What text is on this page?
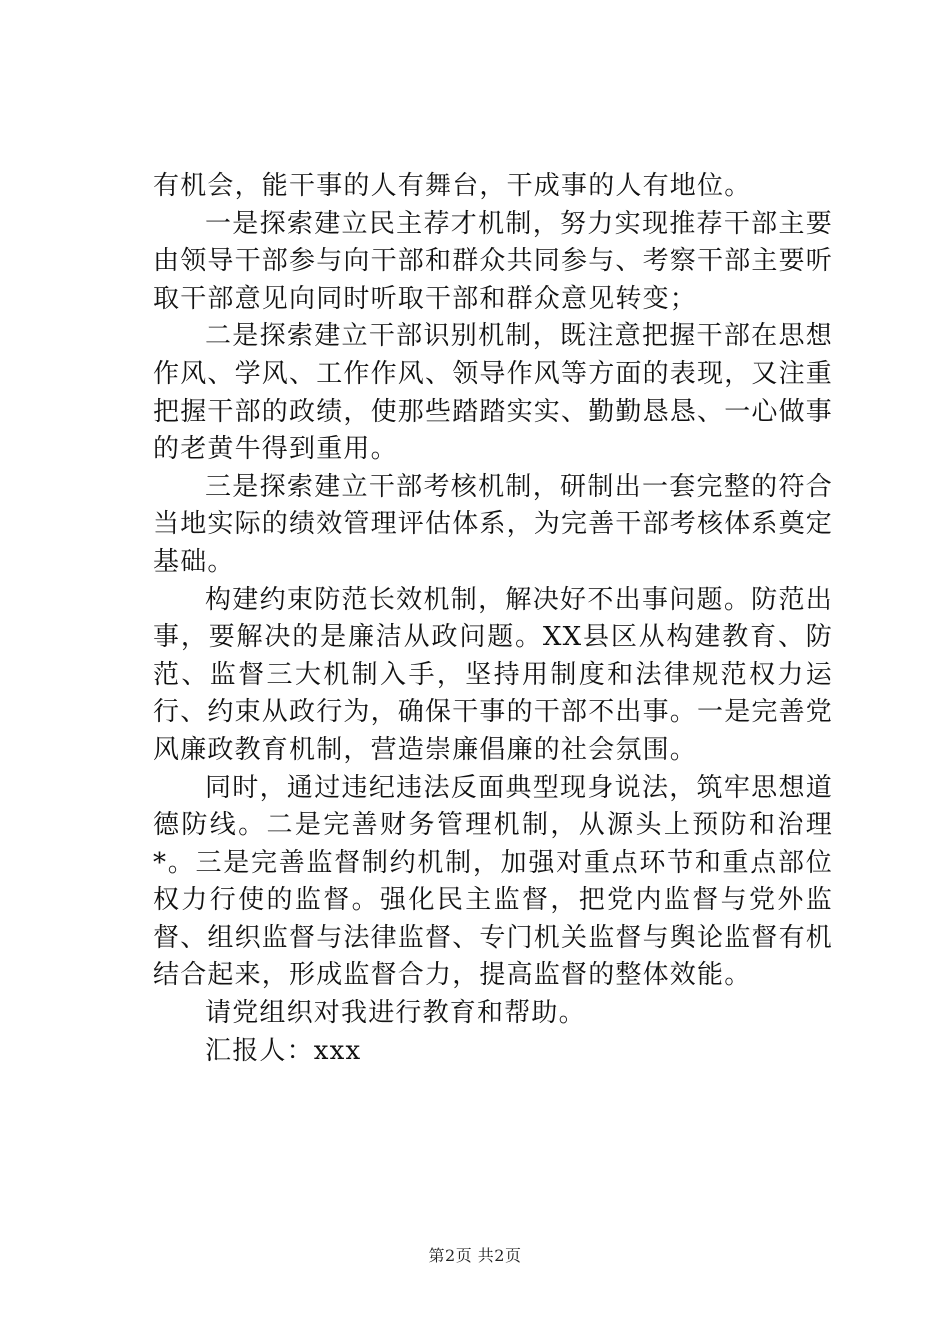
有机会，能干事的人有舞台，干成事的人有地位。

一是探索建立民主荐才机制，努力实现推荐干部主要由领导干部参与向干部和群众共同参与、考察干部主要听取干部意见向同时听取干部和群众意见转变；

二是探索建立干部识别机制，既注意把握干部在思想作风、学风、工作作风、领导作风等方面的表现，又注重把握干部的政绩，使那些踏踏实实、勤勤恳恳、一心做事的老黄牛得到重用。

三是探索建立干部考核机制，研制出一套完整的符合当地实际的绩效管理评估体系，为完善干部考核体系奠定基础。

构建约束防范长效机制，解决好不出事问题。防范出事，要解决的是廉洁从政问题。XX县区从构建教育、防范、监督三大机制入手，坚持用制度和法律规范权力运行、约束从政行为，确保干事的干部不出事。一是完善党风廉政教育机制，营造崇廉倡廉的社会氛围。

同时，通过违纪违法反面典型现身说法，筑牢思想道德防线。二是完善财务管理机制，从源头上预防和治理*。三是完善监督制约机制，加强对重点环节和重点部位权力行使的监督。强化民主监督，把党内监督与党外监督、组织监督与法律监督、专门机关监督与舆论监督有机结合起来，形成监督合力，提高监督的整体效能。

请党组织对我进行教育和帮助。

汇报人：xxx

第2页 共2页
